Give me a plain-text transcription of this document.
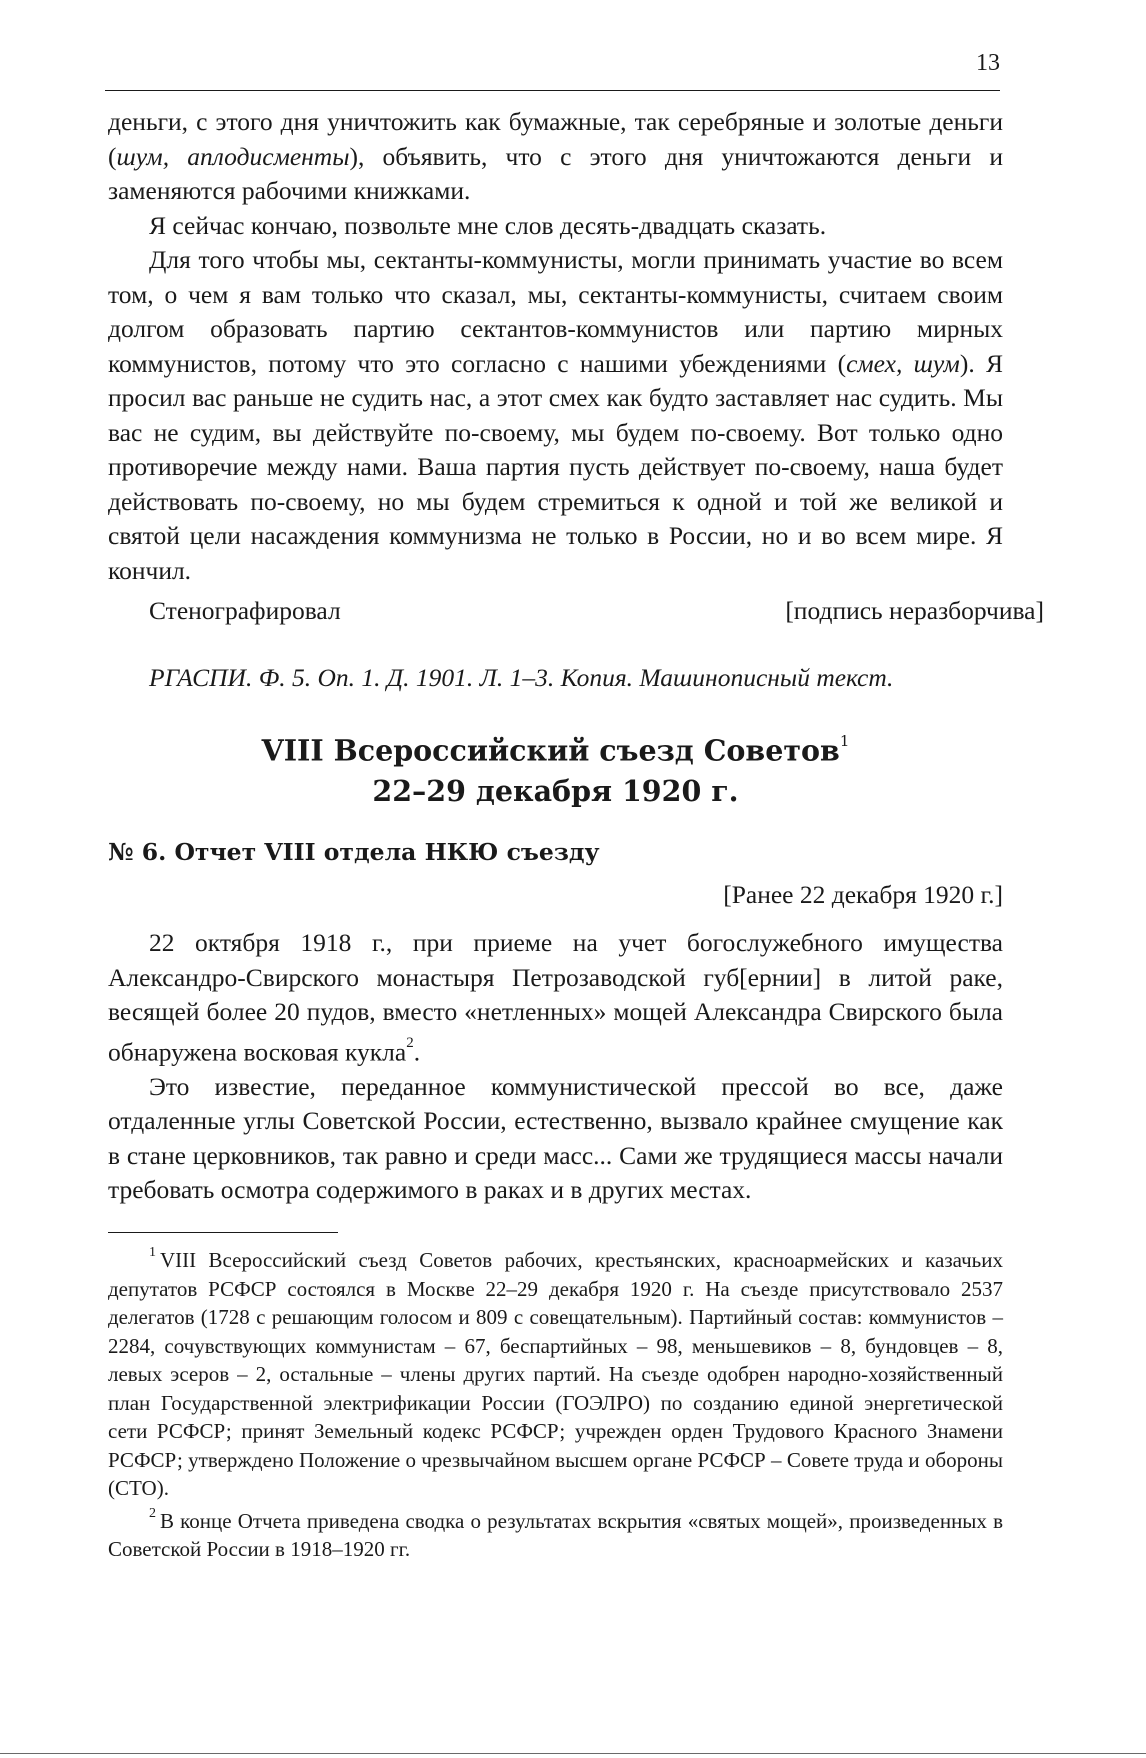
13

деньги, с этого дня уничтожить как бумажные, так серебряные и золотые деньги (шум, аплодисменты), объявить, что с этого дня уничтожаются деньги и заменяются рабочими книжками.

Я сейчас кончаю, позвольте мне слов десять-двадцать сказать.

Для того чтобы мы, сектанты-коммунисты, могли принимать участие во всем том, о чем я вам только что сказал, мы, сектанты-коммунисты, считаем своим долгом образовать партию сектантов-коммунистов или партию мирных коммунистов, потому что это согласно с нашими убеждениями (смех, шум). Я просил вас раньше не судить нас, а этот смех как будто заставляет нас судить. Мы вас не судим, вы действуйте по-своему, мы будем по-своему. Вот только одно противоречие между нами. Ваша партия пусть действует по-своему, наша будет действовать по-своему, но мы будем стремиться к одной и той же великой и святой цели насаждения коммунизма не только в России, но и во всем мире. Я кончил.

Стенографировал	[подпись неразборчива]
РГАСПИ. Ф. 5. Оп. 1. Д. 1901. Л. 1–3. Копия. Машинописный текст.
VIII Всероссийский съезд Советов$^1$
22–29 декабря 1920 г.
№ 6. Отчет VIII отдела НКЮ съезду
[Ранее 22 декабря 1920 г.]

22 октября 1918 г., при приеме на учет богослужебного имущества Александро-Свирского монастыря Петрозаводской губ[ернии] в литой раке, весящей более 20 пудов, вместо «нетленных» мощей Александра Свирского была обнаружена восковая кукла$^2$.

Это известие, переданное коммунистической прессой во все, даже отдаленные углы Советской России, естественно, вызвало крайнее смущение как в стане церковников, так равно и среди масс... Сами же трудящиеся массы начали требовать осмотра содержимого в раках и в других местах.

$^1$ VIII Всероссийский съезд Советов рабочих, крестьянских, красноармейских и казачьих депутатов РСФСР состоялся в Москве 22–29 декабря 1920 г. На съезде присутствовало 2537 делегатов (1728 с решающим голосом и 809 с совещательным). Партийный состав: коммунистов – 2284, сочувствующих коммунистам – 67, беспартийных – 98, меньшевиков – 8, бундовцев – 8, левых эсеров – 2, остальные – члены других партий. На съезде одобрен народно-хозяйственный план Государственной электрификации России (ГОЭЛРО) по созданию единой энергетической сети РСФСР; принят Земельный кодекс РСФСР; учрежден орден Трудового Красного Знамени РСФСР; утверждено Положение о чрезвычайном высшем органе РСФСР – Совете труда и обороны (СТО).

$^2$ В конце Отчета приведена сводка о результатах вскрытия «святых мощей», произведенных в Советской России в 1918–1920 гг.
